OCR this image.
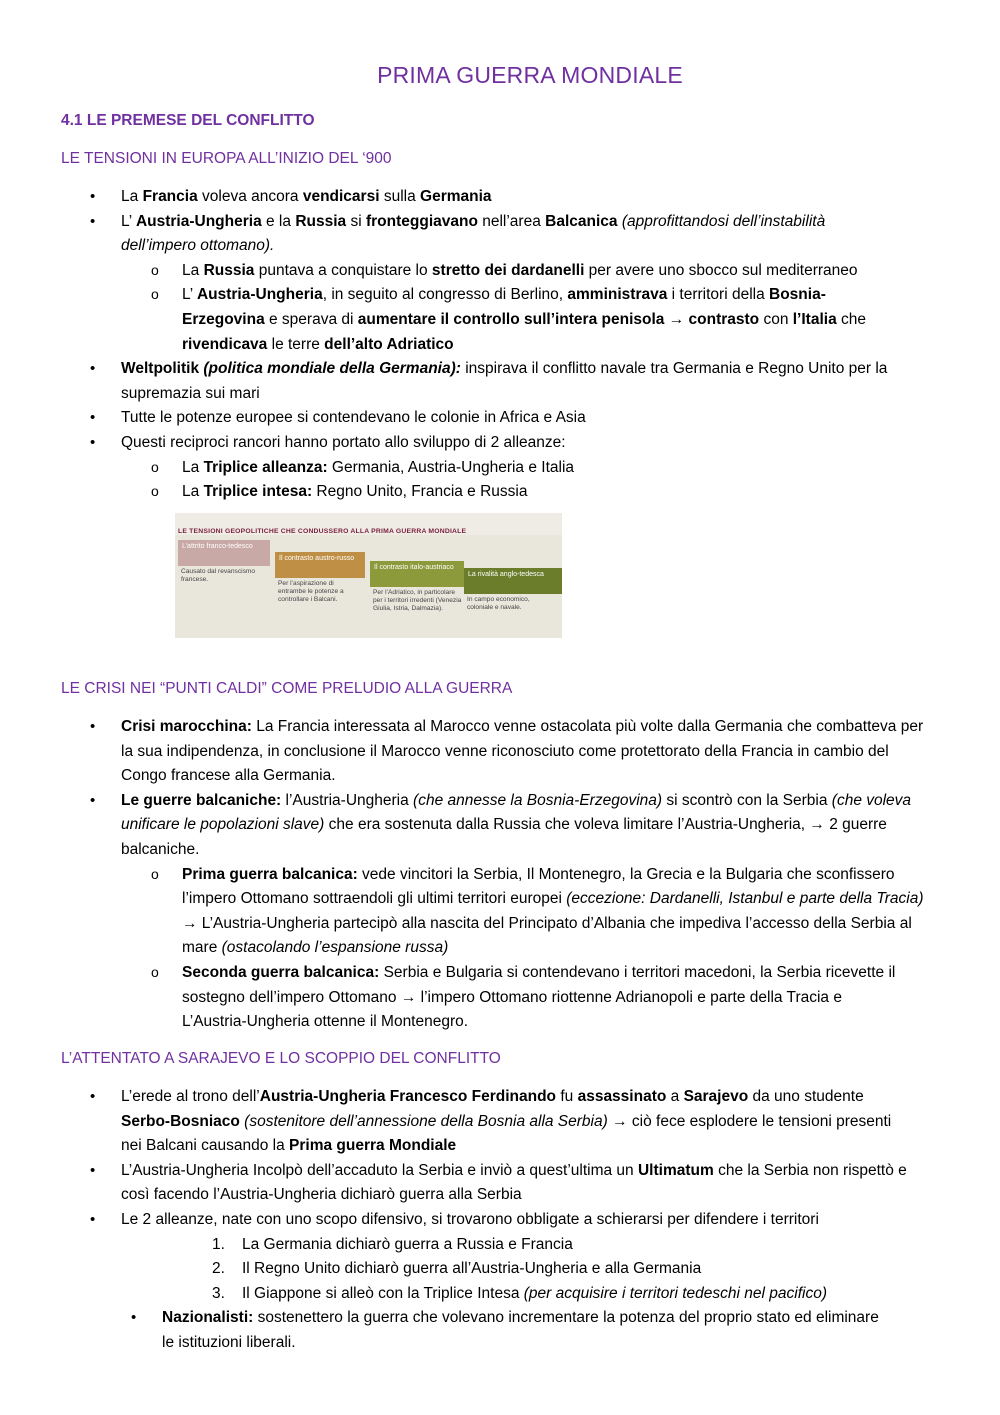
PRIMA GUERRA MONDIALE
4.1 LE PREMESE DEL CONFLITTO
LE TENSIONI IN EUROPA ALL’INIZIO DEL ‘900
• La Francia voleva ancora vendicarsi sulla Germania
• L’ Austria-Ungheria e la Russia si fronteggiavano nell’area Balcanica (approfittandosi dell’instabilità dell’impero ottomano).
o La Russia puntava a conquistare lo stretto dei dardanelli per avere uno sbocco sul mediterraneo
o L’ Austria-Ungheria, in seguito al congresso di Berlino, amministrava i territori della Bosnia-Erzegovina e sperava di aumentare il controllo sull’intera penisola → contrasto con l’Italia che rivendicava le terre dell’alto Adriatico
• Weltpolitik (politica mondiale della Germania): inspirava il conflitto navale tra Germania e Regno Unito per la supremazia sui mari
• Tutte le potenze europee si contendevano le colonie in Africa e Asia
• Questi reciproci rancori hanno portato allo sviluppo di 2 alleanze:
o La Triplice alleanza: Germania, Austria-Ungheria e Italia
o La Triplice intesa: Regno Unito, Francia e Russia
LE TENSIONI GEOPOLITICHE CHE CONDUSSERO ALLA PRIMA GUERRA MONDIALE
L’attrito franco-tedesco
Causato dal revanscismo francese.
Il contrasto austro-russo
Per l’aspirazione di entrambe le potenze a controllare i Balcani.
Il contrasto italo-austriaco
Per l’Adriatico, in particolare per i territori irredenti (Venezia Giulia, Istria, Dalmazia).
La rivalità anglo-tedesca
In campo economico, coloniale e navale.
LE CRISI NEI “PUNTI CALDI” COME PRELUDIO ALLA GUERRA
• Crisi marocchina: La Francia interessata al Marocco venne ostacolata più volte dalla Germania che combatteva per la sua indipendenza, in conclusione il Marocco venne riconosciuto come protettorato della Francia in cambio del Congo francese alla Germania.
• Le guerre balcaniche: l’Austria-Ungheria (che annesse la Bosnia-Erzegovina) si scontrò con la Serbia (che voleva unificare le popolazioni slave) che era sostenuta dalla Russia che voleva limitare l’Austria-Ungheria, → 2 guerre balcaniche.
o Prima guerra balcanica: vede vincitori la Serbia, Il Montenegro, la Grecia e la Bulgaria che sconfissero l’impero Ottomano sottraendoli gli ultimi territori europei (eccezione: Dardanelli, Istanbul e parte della Tracia) → L’Austria-Ungheria partecipò alla nascita del Principato d’Albania che impediva l’accesso della Serbia al mare (ostacolando l’espansione russa)
o Seconda guerra balcanica: Serbia e Bulgaria si contendevano i territori macedoni, la Serbia ricevette il sostegno dell’impero Ottomano → l’impero Ottomano riottenne Adrianopoli e parte della Tracia e L’Austria-Ungheria ottenne il Montenegro.
L’ATTENTATO A SARAJEVO E LO SCOPPIO DEL CONFLITTO
• L’erede al trono dell’Austria-Ungheria Francesco Ferdinando fu assassinato a Sarajevo da uno studente Serbo-Bosniaco (sostenitore dell’annessione della Bosnia alla Serbia) → ciò fece esplodere le tensioni presenti nei Balcani causando la Prima guerra Mondiale
• L’Austria-Ungheria Incolpò dell’accaduto la Serbia e inviò a quest’ultima un Ultimatum che la Serbia non rispettò e così facendo l’Austria-Ungheria dichiarò guerra alla Serbia
• Le 2 alleanze, nate con uno scopo difensivo, si trovarono obbligate a schierarsi per difendere i territori
1. La Germania dichiarò guerra a Russia e Francia
2. Il Regno Unito dichiarò guerra all’Austria-Ungheria e alla Germania
3. Il Giappone si alleò con la Triplice Intesa (per acquisire i territori tedeschi nel pacifico)
• Nazionalisti: sostenettero la guerra che volevano incrementare la potenza del proprio stato ed eliminare le istituzioni liberali.
